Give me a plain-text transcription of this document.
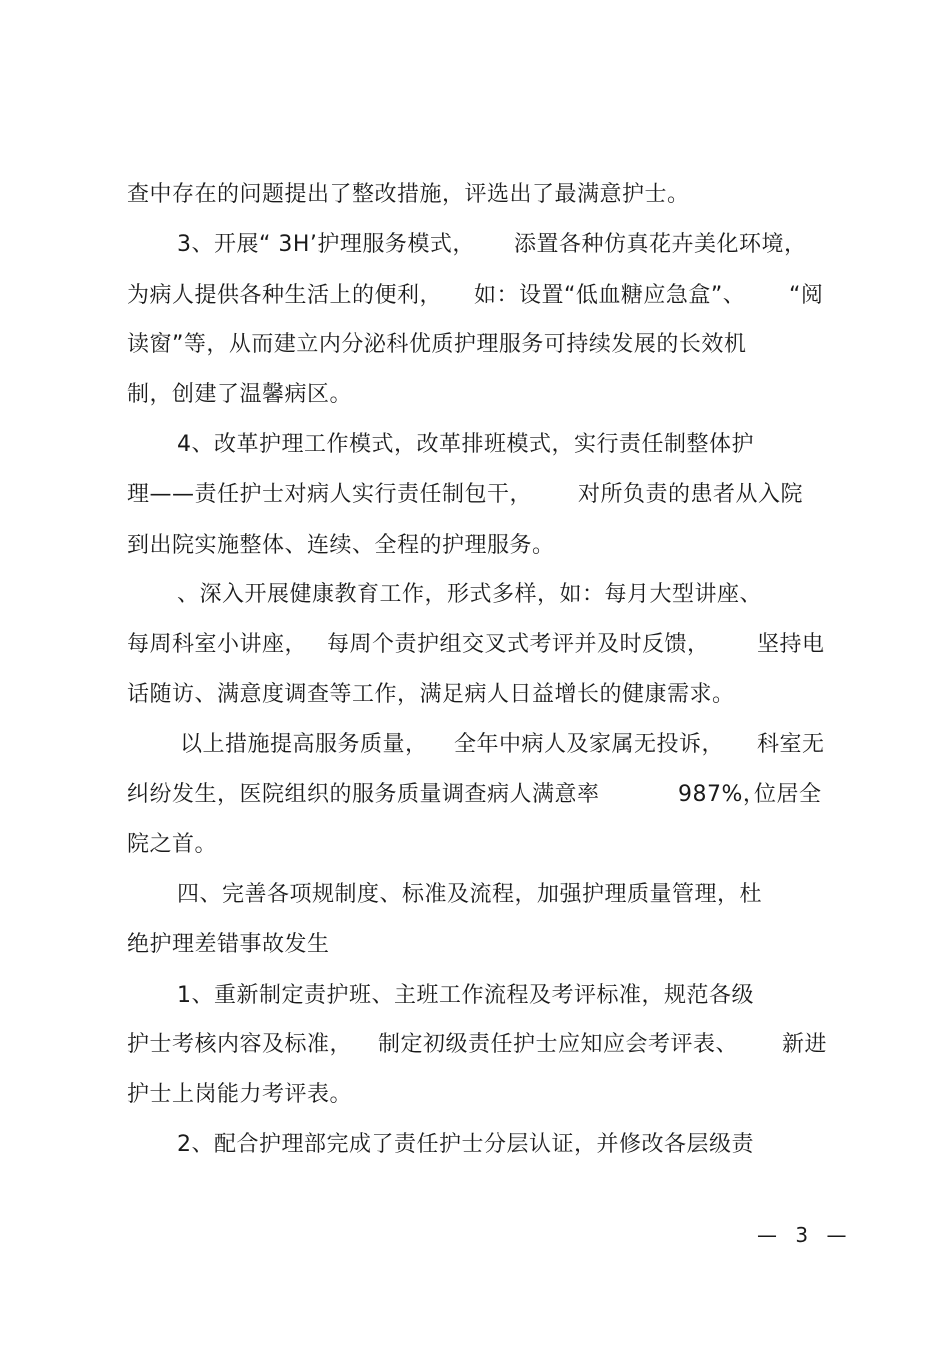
查中存在的问题提出了整改措施，评选出了最满意护士。
3、开展“ 3H’护理服务模式， 添置各种仿真花卉美化环境，
为病人提供各种生活上的便利， 如：设置“低血糖应急盒”、 “阅
读窗”等，从而建立内分泌科优质护理服务可持续发展的长效机
制，创建了温馨病区。
4、改革护理工作模式，改革排班模式，实行责任制整体护
理——责任护士对病人实行责任制包干， 对所负责的患者从入院
到出院实施整体、连续、全程的护理服务。
、深入开展健康教育工作，形式多样，如：每月大型讲座、
每周科室小讲座， 每周个责护组交叉式考评并及时反馈， 坚持电
话随访、满意度调查等工作，满足病人日益增长的健康需求。
以上措施提高服务质量， 全年中病人及家属无投诉， 科室无
纠纷发生，医院组织的服务质量调查病人满意率	987%，
位居全
院之首。
四、完善各项规制度、标准及流程，加强护理质量管理，杜
绝护理差错事故发生
1、重新制定责护班、主班工作流程及考评标准，规范各级
护士考核内容及标准， 制定初级责任护士应知应会考评表、 新进
护士上岗能力考评表。
2、配合护理部完成了责任护士分层认证，并修改各层级责
— 3 —
